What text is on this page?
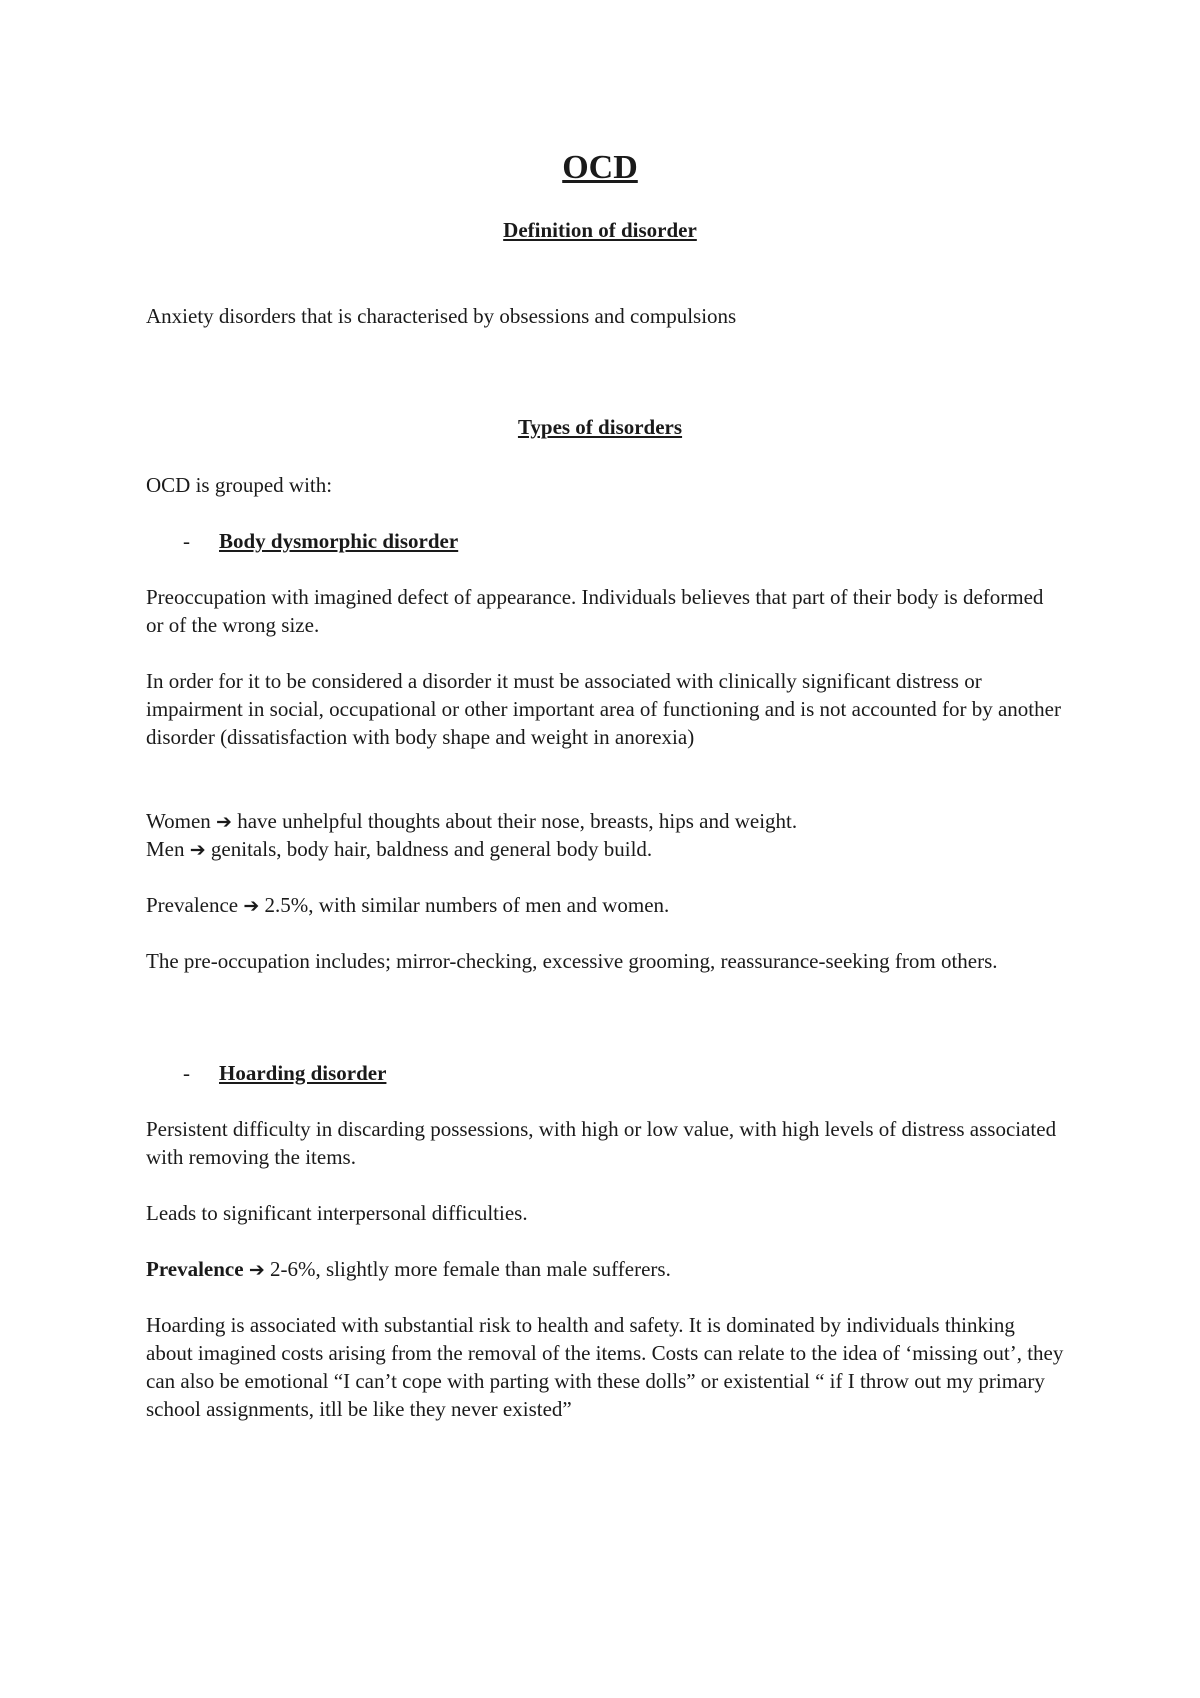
OCD
Definition of disorder
Anxiety disorders that is characterised by obsessions and compulsions
Types of disorders
OCD is grouped with:
- Body dysmorphic disorder
Preoccupation with imagined defect of appearance. Individuals believes that part of their body is deformed or of the wrong size.
In order for it to be considered a disorder it must be associated with clinically significant distress or impairment in social, occupational or other important area of functioning and is not accounted for by another disorder (dissatisfaction with body shape and weight in anorexia)
Women ➔ have unhelpful thoughts about their nose, breasts, hips and weight.
Men ➔ genitals, body hair, baldness and general body build.
Prevalence ➔ 2.5%, with similar numbers of men and women.
The pre-occupation includes; mirror-checking, excessive grooming, reassurance-seeking from others.
- Hoarding disorder
Persistent difficulty in discarding possessions, with high or low value, with high levels of distress associated with removing the items.
Leads to significant interpersonal difficulties.
Prevalence ➔ 2-6%, slightly more female than male sufferers.
Hoarding is associated with substantial risk to health and safety. It is dominated by individuals thinking about imagined costs arising from the removal of the items. Costs can relate to the idea of ‘missing out’, they can also be emotional “I can’t cope with parting with these dolls” or existential “ if I throw out my primary school assignments, itll be like they never existed”
